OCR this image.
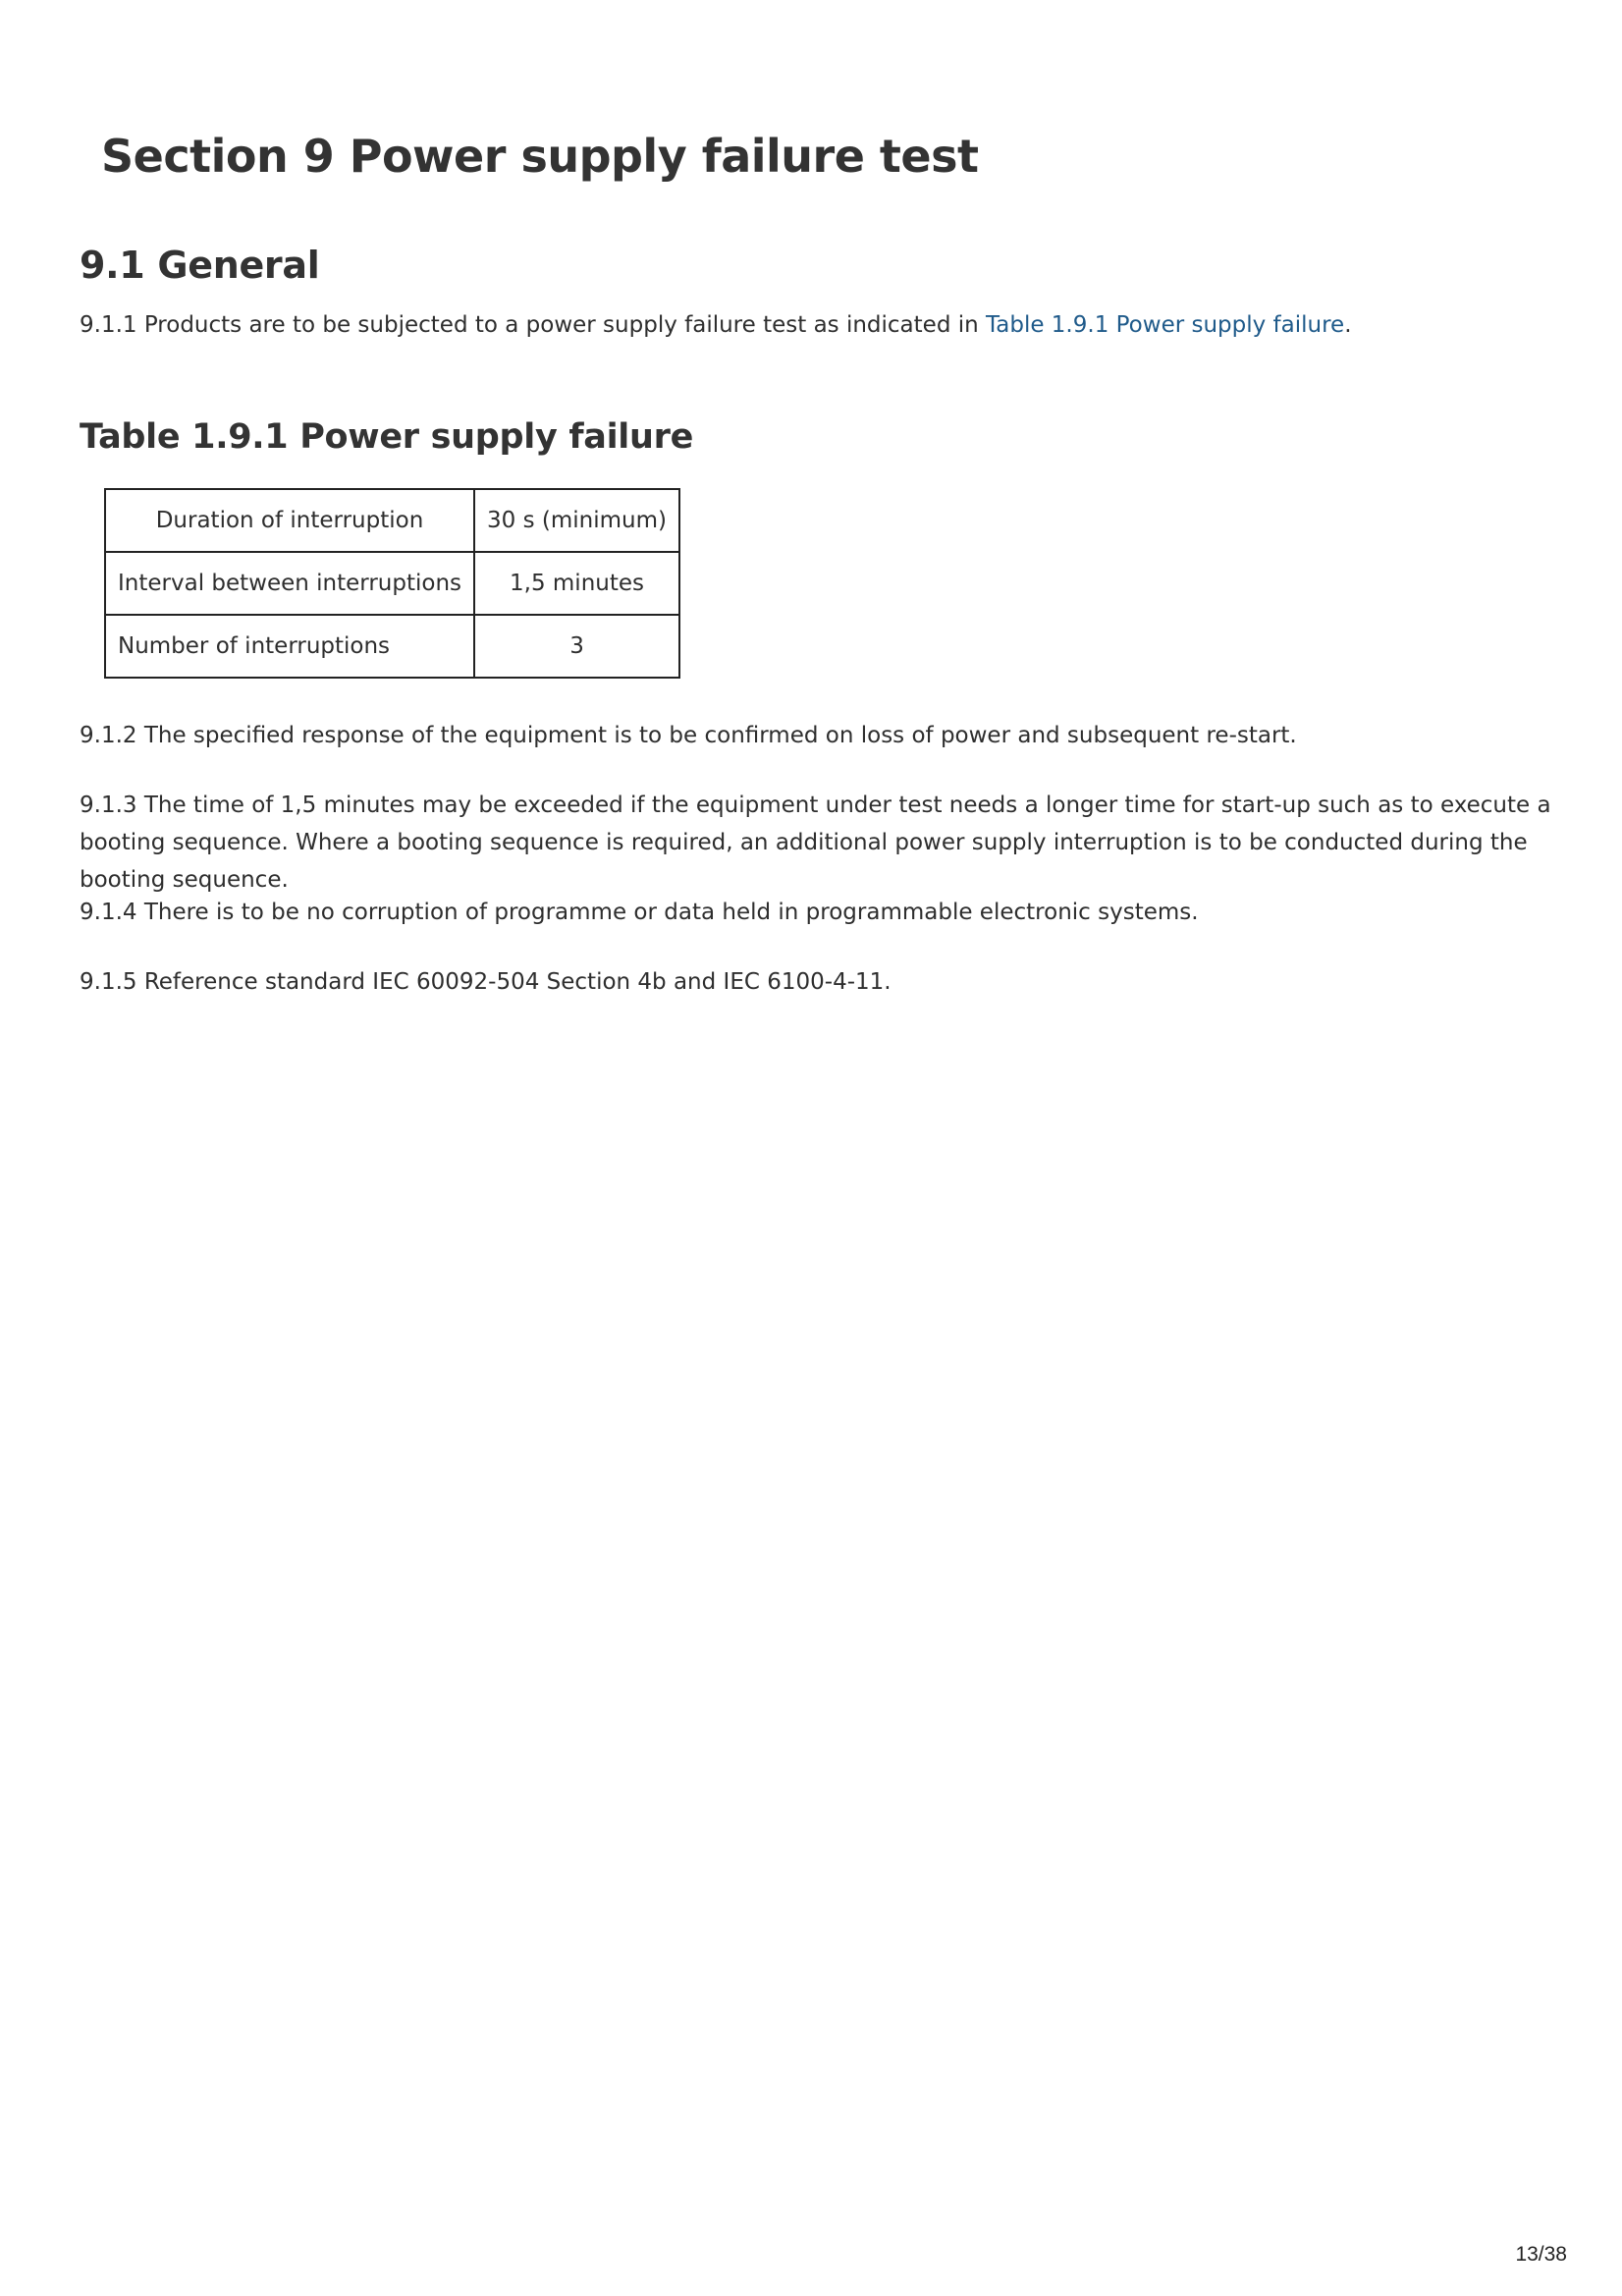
Section 9 Power supply failure test
9.1 General

9.1.1 Products are to be subjected to a power supply failure test as indicated in Table 1.9.1 Power supply failure.

Table 1.9.1 Power supply failure
Duration of interruption	30 s (minimum)
Interval between interruptions	1,5 minutes
Number of interruptions	3

9.1.2 The specified response of the equipment is to be confirmed on loss of power and subsequent re-start.

9.1.3 The time of 1,5 minutes may be exceeded if the equipment under test needs a longer time for start-up such as to execute a booting sequence. Where a booting sequence is required, an additional power supply interruption is to be conducted during the booting sequence.

9.1.4 There is to be no corruption of programme or data held in programmable electronic systems.

9.1.5 Reference standard IEC 60092-504 Section 4b and IEC 6100-4-11.

13/38
